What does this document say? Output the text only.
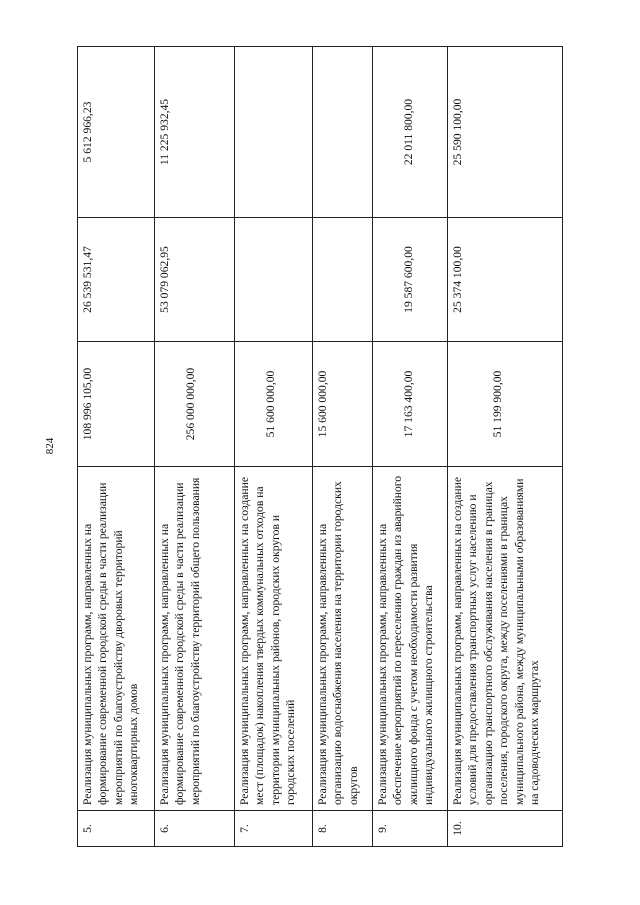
824
5.	Реализация муниципальных программ, направленных на формирование современной городской среды в части реализации мероприятий по благоустройству дворовых территорий многоквартирных домов	108 996 105,00	26 539 531,47	5 612 966,23
6.	Реализация муниципальных программ, направленных на формирование современной городской среды в части реализации мероприятий по благоустройству территорий общего пользования	256 000 000,00	53 079 062,95	11 225 932,45
7.	Реализация муниципальных программ, направленных на создание мест (площадок) накопления твердых коммунальных отходов на территории муниципальных районов, городских округов и городских поселений	51 600 000,00		
8.	Реализация муниципальных программ, направленных на организацию водоснабжения населения на территории городских округов	15 600 000,00		
9.	Реализация муниципальных программ, направленных на обеспечение мероприятий по переселению граждан из аварийного жилищного фонда с учетом необходимости развития индивидуального жилищного строительства	17 163 400,00	19 587 600,00	22 011 800,00
10.	Реализация муниципальных программ, направленных на создание условий для предоставления транспортных услуг населению и организацию транспортного обслуживания населения в границах поселения, городского округа, между поселениями в границах муниципального района, между муниципальными образованиями на садоводческих маршрутах	51 199 900,00	25 374 100,00	25 590 100,00
